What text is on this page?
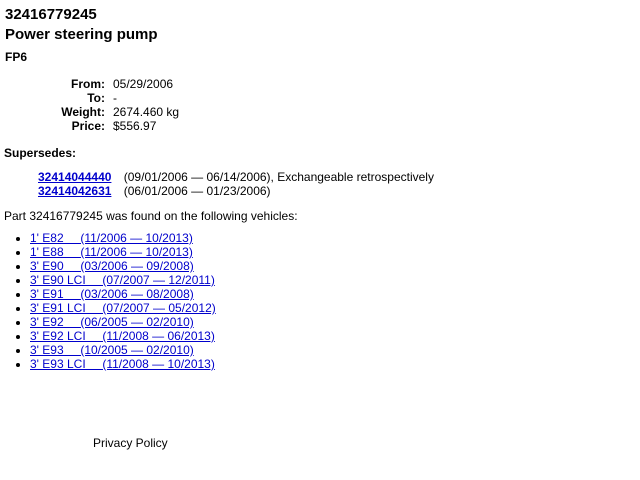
32416779245
Power steering pump
FP6
From: 05/29/2006
To: -
Weight: 2674.460 kg
Price: $556.97
Supersedes:
32414044440 (09/01/2006 — 06/14/2006), Exchangeable retrospectively
32414042631 (06/01/2006 — 01/23/2006)
Part 32416779245 was found on the following vehicles:
• 1' E82     (11/2006 — 10/2013)
• 1' E88     (11/2006 — 10/2013)
• 3' E90     (03/2006 — 09/2008)
• 3' E90 LCI     (07/2007 — 12/2011)
• 3' E91     (03/2006 — 08/2008)
• 3' E91 LCI     (07/2007 — 05/2012)
• 3' E92     (06/2005 — 02/2010)
• 3' E92 LCI     (11/2008 — 06/2013)
• 3' E93     (10/2005 — 02/2010)
• 3' E93 LCI     (11/2008 — 10/2013)
Privacy Policy
